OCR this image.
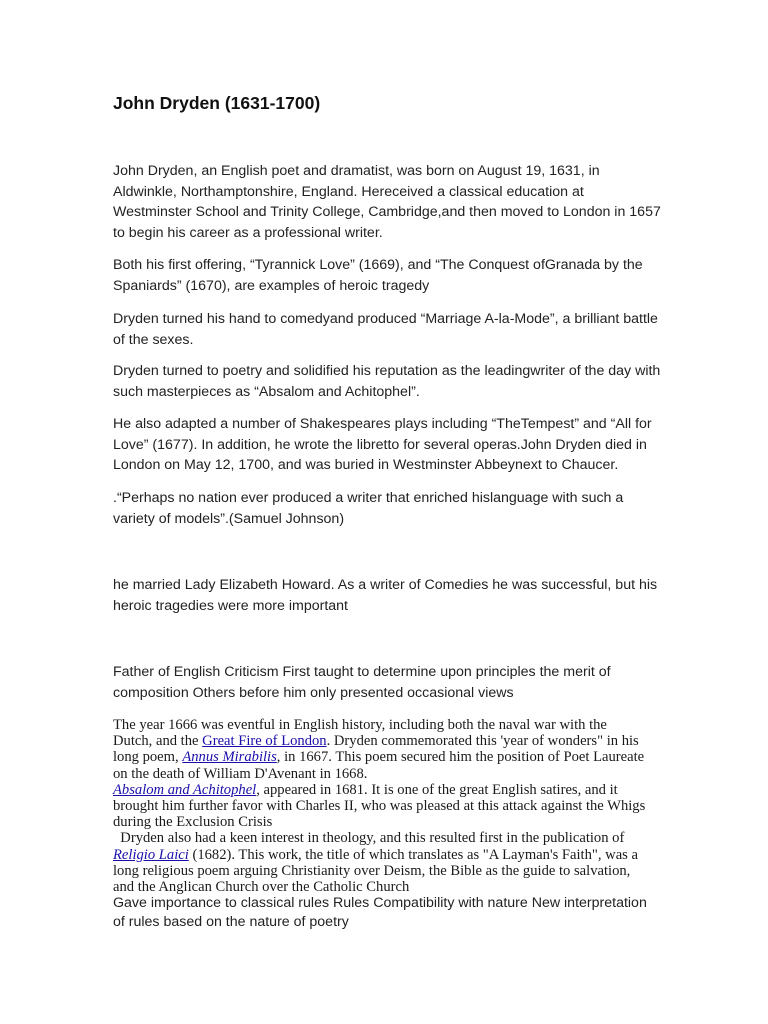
John Dryden (1631-1700)

John Dryden, an English poet and dramatist, was born on August 19, 1631, in Aldwinkle, Northamptonshire, England. Hereceived a classical education at Westminster School and Trinity College, Cambridge,and then moved to London in 1657 to begin his career as a professional writer.

Both his first offering, “Tyrannick Love” (1669), and “The Conquest ofGranada by the Spaniards” (1670), are examples of heroic tragedy

Dryden turned his hand to comedyand produced “Marriage A-la-Mode”, a brilliant battle of the sexes.

Dryden turned to poetry and solidified his reputation as the leadingwriter of the day with such masterpieces as “Absalom and Achitophel”.

He also adapted a number of Shakespeares plays including “TheTempest” and “All for Love” (1677). In addition, he wrote the libretto for several operas.John Dryden died in London on May 12, 1700, and was buried in Westminster Abbeynext to Chaucer.

.“Perhaps no nation ever produced a writer that enriched hislanguage with such a variety of models”.(Samuel Johnson)

he married Lady Elizabeth Howard. As a writer of Comedies he was successful, but his heroic tragedies were more important

Father of English Criticism First taught to determine upon principles the merit of composition Others before him only presented occasional views

The year 1666 was eventful in English history, including both the naval war with the Dutch, and the Great Fire of London. Dryden commemorated this 'year of wonders" in his long poem, Annus Mirabilis, in 1667. This poem secured him the position of Poet Laureate on the death of William D'Avenant in 1668.
Absalom and Achitophel, appeared in 1681. It is one of the great English satires, and it brought him further favor with Charles II, who was pleased at this attack against the Whigs during the Exclusion Crisis
Dryden also had a keen interest in theology, and this resulted first in the publication of Religio Laici (1682). This work, the title of which translates as "A Layman's Faith", was a long religious poem arguing Christianity over Deism, the Bible as the guide to salvation, and the Anglican Church over the Catholic Church

Gave importance to classical rules Rules Compatibility with nature New interpretation of rules based on the nature of poetry
